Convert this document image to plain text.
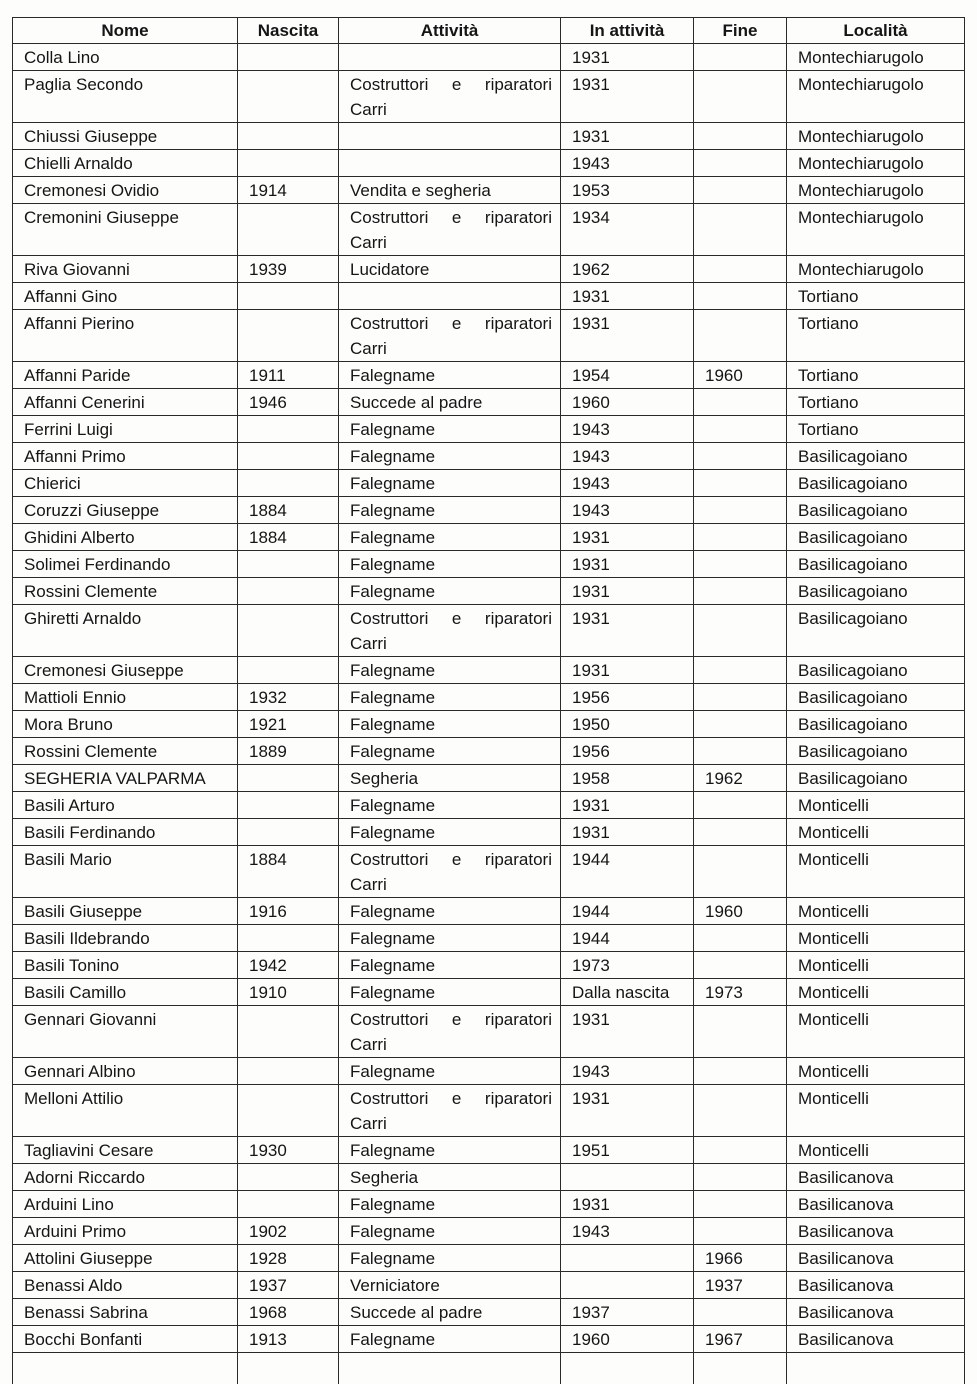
Nome	Nascita	Attività	In attività	Fine	Località
Colla Lino			1931		Montechiarugolo
Paglia Secondo		Costruttori e riparatori Carri	1931		Montechiarugolo
Chiussi Giuseppe			1931		Montechiarugolo
Chielli Arnaldo			1943		Montechiarugolo
Cremonesi Ovidio	1914	Vendita e segheria	1953		Montechiarugolo
Cremonini Giuseppe		Costruttori e riparatori Carri	1934		Montechiarugolo
Riva Giovanni	1939	Lucidatore	1962		Montechiarugolo
Affanni Gino			1931		Tortiano
Affanni Pierino		Costruttori e riparatori Carri	1931		Tortiano
Affanni Paride	1911	Falegname	1954	1960	Tortiano
Affanni Cenerini	1946	Succede al padre	1960		Tortiano
Ferrini Luigi		Falegname	1943		Tortiano
Affanni Primo		Falegname	1943		Basilicagoiano
Chierici		Falegname	1943		Basilicagoiano
Coruzzi Giuseppe	1884	Falegname	1943		Basilicagoiano
Ghidini Alberto	1884	Falegname	1931		Basilicagoiano
Solimei Ferdinando		Falegname	1931		Basilicagoiano
Rossini Clemente		Falegname	1931		Basilicagoiano
Ghiretti Arnaldo		Costruttori e riparatori Carri	1931		Basilicagoiano
Cremonesi Giuseppe		Falegname	1931		Basilicagoiano
Mattioli Ennio	1932	Falegname	1956		Basilicagoiano
Mora Bruno	1921	Falegname	1950		Basilicagoiano
Rossini Clemente	1889	Falegname	1956		Basilicagoiano
SEGHERIA VALPARMA		Segheria	1958	1962	Basilicagoiano
Basili Arturo		Falegname	1931		Monticelli
Basili Ferdinando		Falegname	1931		Monticelli
Basili Mario	1884	Costruttori e riparatori Carri	1944		Monticelli
Basili Giuseppe	1916	Falegname	1944	1960	Monticelli
Basili Ildebrando		Falegname	1944		Monticelli
Basili Tonino	1942	Falegname	1973		Monticelli
Basili Camillo	1910	Falegname	Dalla nascita	1973	Monticelli
Gennari Giovanni		Costruttori e riparatori Carri	1931		Monticelli
Gennari Albino		Falegname	1943		Monticelli
Melloni Attilio		Costruttori e riparatori Carri	1931		Monticelli
Tagliavini Cesare	1930	Falegname	1951		Monticelli
Adorni Riccardo		Segheria			Basilicanova
Arduini Lino		Falegname	1931		Basilicanova
Arduini Primo	1902	Falegname	1943		Basilicanova
Attolini Giuseppe	1928	Falegname		1966	Basilicanova
Benassi Aldo	1937	Verniciatore		1937	Basilicanova
Benassi Sabrina	1968	Succede al padre	1937		Basilicanova
Bocchi Bonfanti	1913	Falegname	1960	1967	Basilicanova
